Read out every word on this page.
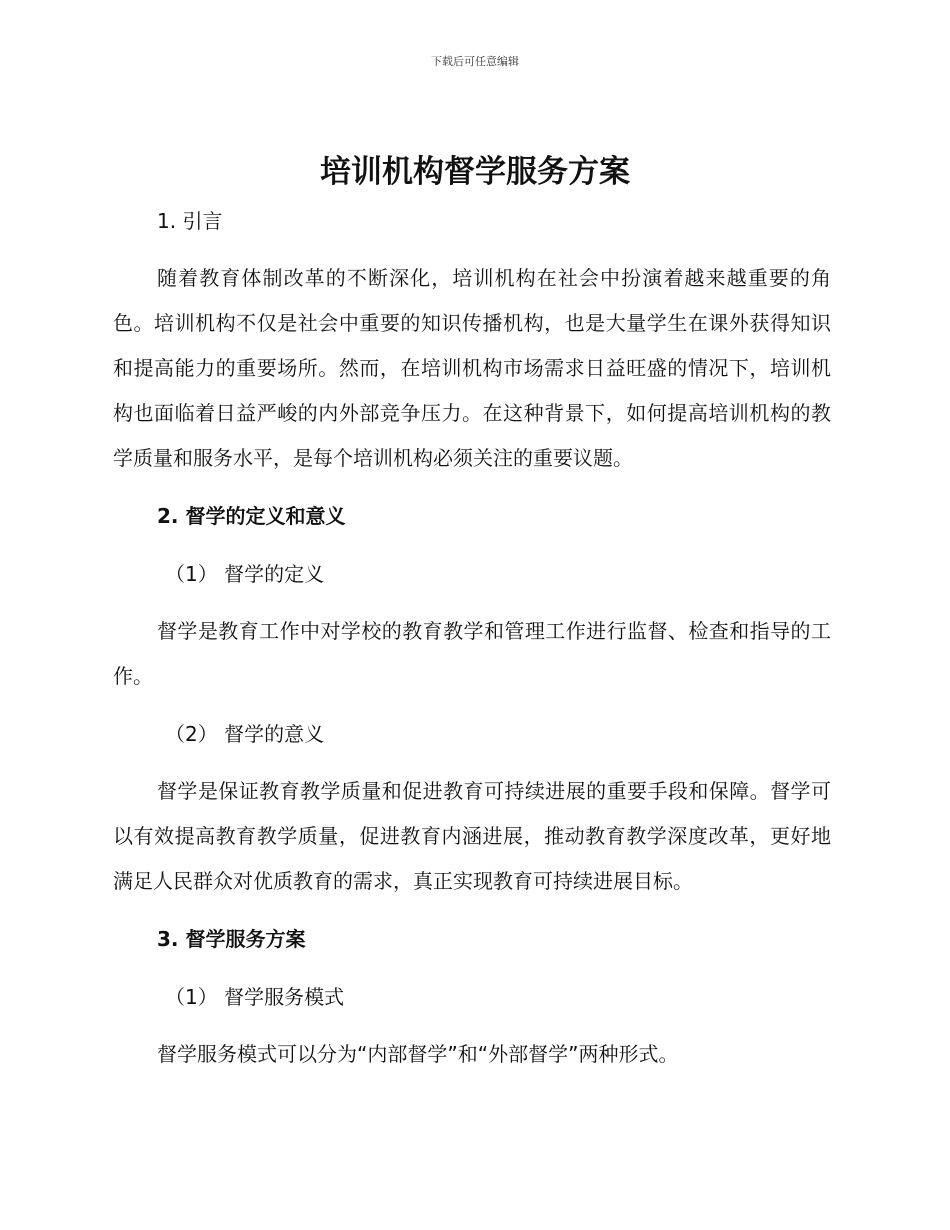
下载后可任意编辑
培训机构督学服务方案

1. 引言

随着教育体制改革的不断深化，培训机构在社会中扮演着越来越重要的角色。培训机构不仅是社会中重要的知识传播机构，也是大量学生在课外获得知识和提高能力的重要场所。然而，在培训机构市场需求日益旺盛的情况下，培训机构也面临着日益严峻的内外部竞争压力。在这种背景下，如何提高培训机构的教学质量和服务水平，是每个培训机构必须关注的重要议题。

2. 督学的定义和意义

（1） 督学的定义

督学是教育工作中对学校的教育教学和管理工作进行监督、检查和指导的工作。

（2） 督学的意义

督学是保证教育教学质量和促进教育可持续进展的重要手段和保障。督学可以有效提高教育教学质量，促进教育内涵进展，推动教育教学深度改革，更好地满足人民群众对优质教育的需求，真正实现教育可持续进展目标。

3. 督学服务方案

（1） 督学服务模式

督学服务模式可以分为“内部督学”和“外部督学”两种形式。
